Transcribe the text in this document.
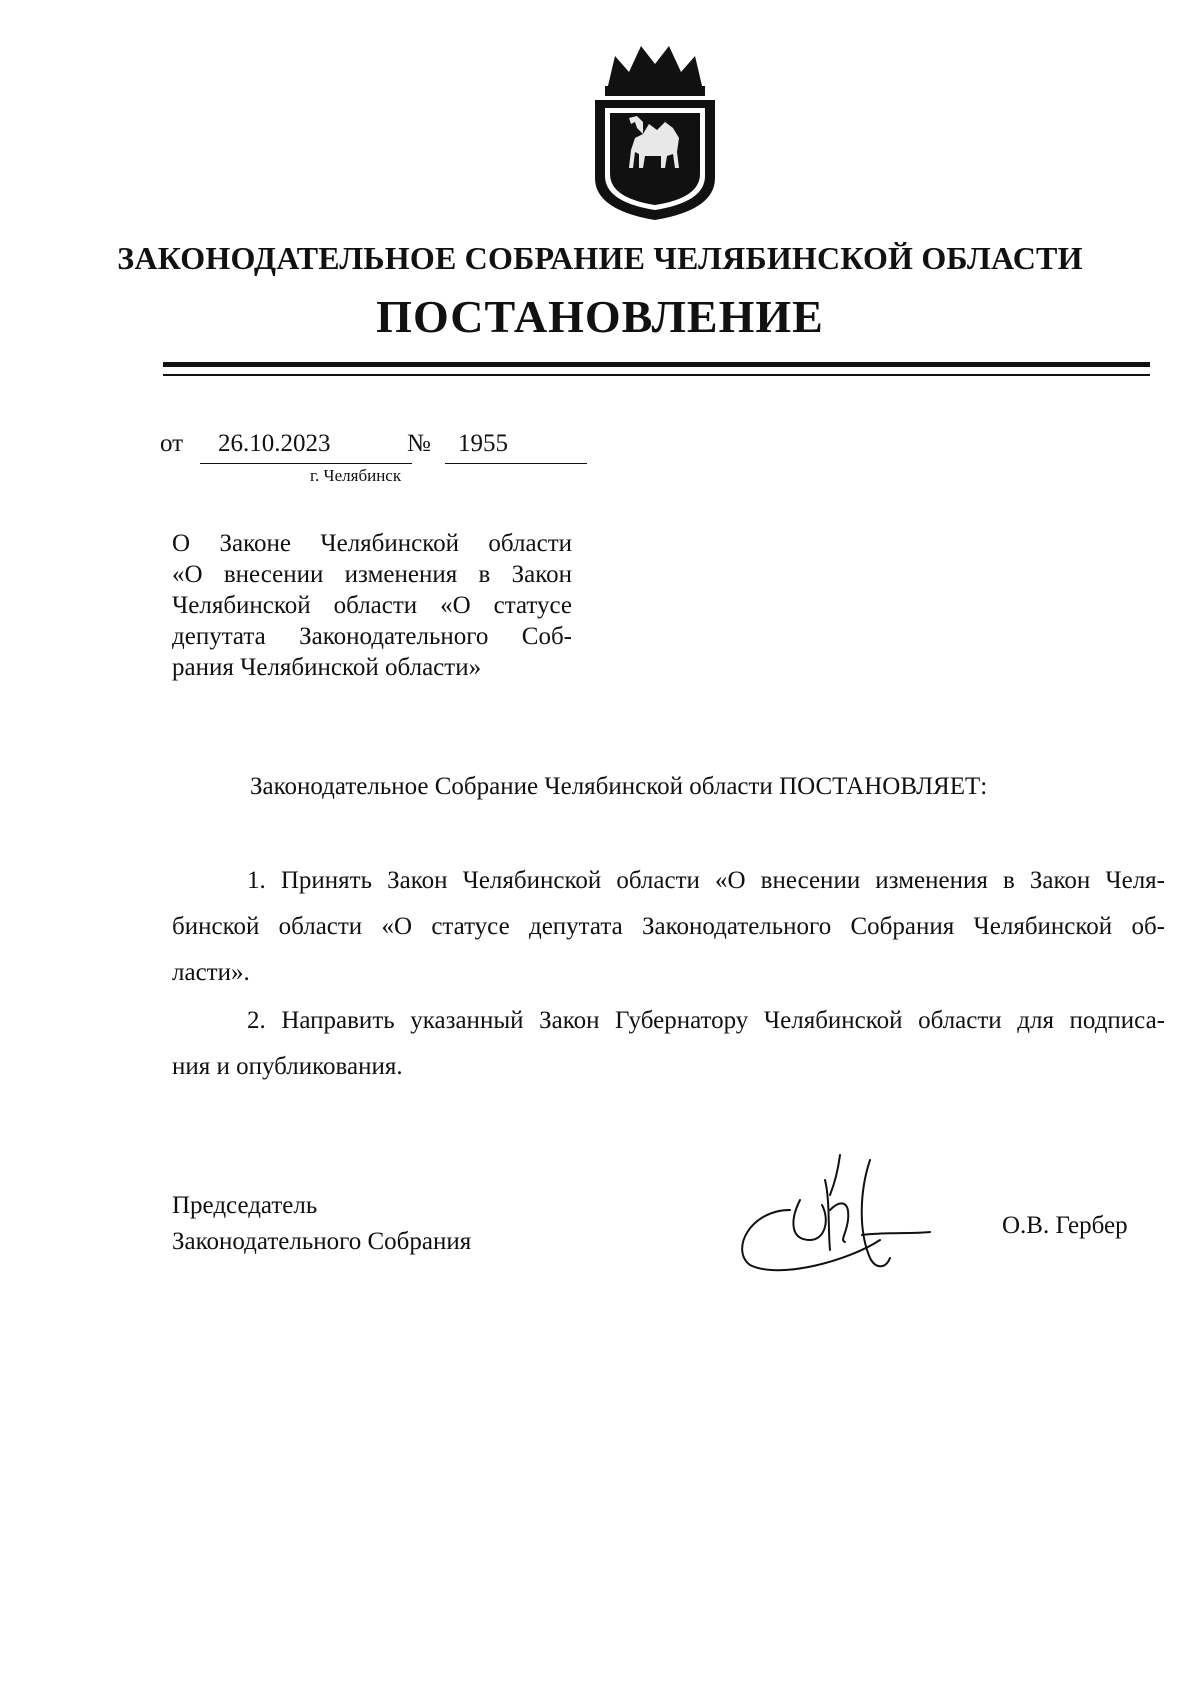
ЗАКОНОДАТЕЛЬНОЕ СОБРАНИЕ ЧЕЛЯБИНСКОЙ ОБЛАСТИ
ПОСТАНОВЛЕНИЕ
от 26.10.2023	№ 1955
г. Челябинск
О Законе Челябинской области
«О внесении изменения в Закон
Челябинской области «О статусе
депутата Законодательного Соб-
рания Челябинской области»
Законодательное Собрание Челябинской области ПОСТАНОВЛЯЕТ:
1. Принять Закон Челябинской области «О внесении изменения в Закон Челя-
бинской области «О статусе депутата Законодательного Собрания Челябинской об-
ласти».
2. Направить указанный Закон Губернатору Челябинской области для подписа-
ния и опубликования.
Председатель
Законодательного Собрания
О.В. Гербер
